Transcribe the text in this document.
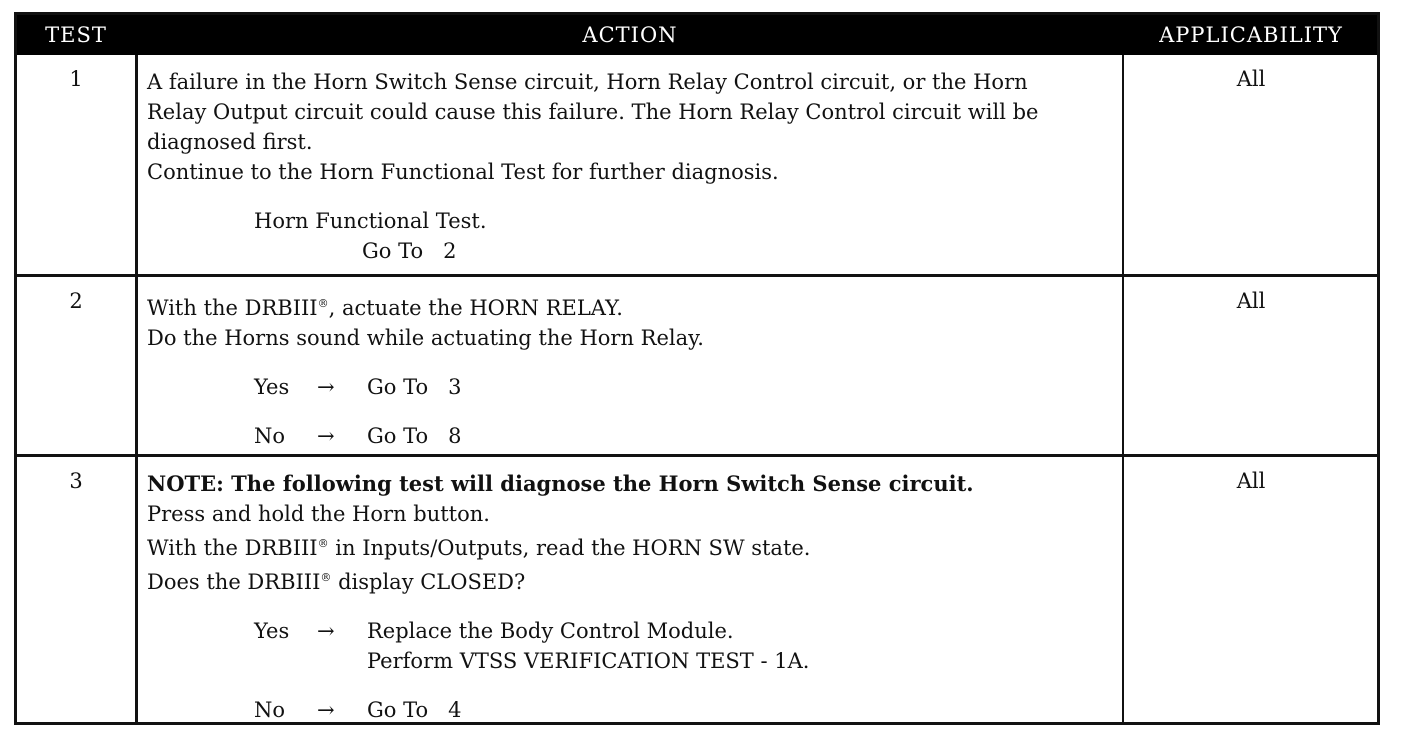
TEST	ACTION	APPLICABILITY
1	A failure in the Horn Switch Sense circuit, Horn Relay Control circuit, or the Horn

Relay Output circuit could cause this failure. The Horn Relay Control circuit will be

diagnosed first.

Continue to the Horn Functional Test for further diagnosis.

Horn Functional Test.

Go To   2

All
2	With the DRBIII®, actuate the HORN RELAY.

Do the Horns sound while actuating the Horn Relay.

Yes → Go To   3
No → Go To   8
All
3	NOTE: The following test will diagnose the Horn Switch Sense circuit.

Press and hold the Horn button.

With the DRBIII® in Inputs/Outputs, read the HORN SW state.

Does the DRBIII® display CLOSED?

Yes → Replace the Body Control Module.
Perform VTSS VERIFICATION TEST - 1A.
No → Go To   4
All
